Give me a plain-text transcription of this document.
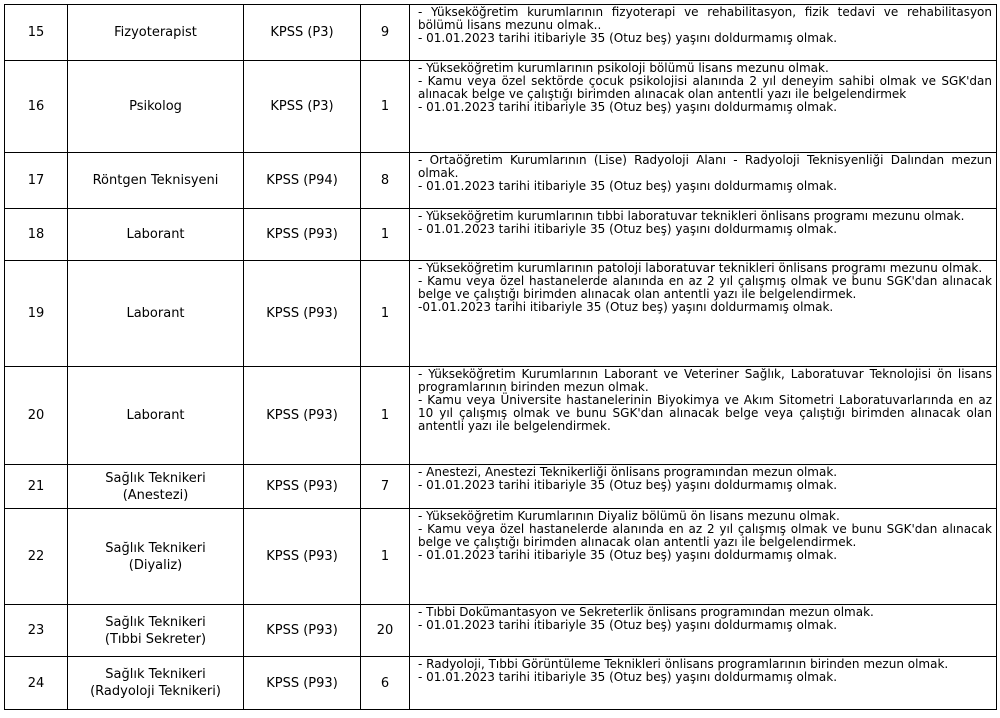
15	Fizyoterapist	KPSS (P3)	9	- Yükseköğretim kurumlarının fizyoterapi ve rehabilitasyon, fizik tedavi ve rehabilitasyon bölümü lisans mezunu olmak..
- 01.01.2023 tarihi itibariyle 35 (Otuz beş) yaşını doldurmamış olmak.

16	Psikolog	KPSS (P3)	1	- Yükseköğretim kurumlarının psikoloji bölümü lisans mezunu olmak.
- Kamu veya özel sektörde çocuk psikolojisi alanında 2 yıl deneyim sahibi olmak ve SGK'dan alınacak belge ve çalıştığı birimden alınacak olan antentli yazı ile belgelendirmek
- 01.01.2023 tarihi itibariyle 35 (Otuz beş) yaşını doldurmamış olmak.

17	Röntgen Teknisyeni	KPSS (P94)	8	- Ortaöğretim Kurumlarının (Lise) Radyoloji Alanı - Radyoloji Teknisyenliği Dalından mezun olmak.
- 01.01.2023 tarihi itibariyle 35 (Otuz beş) yaşını doldurmamış olmak.

18	Laborant	KPSS (P93)	1	- Yükseköğretim kurumlarının tıbbi laboratuvar teknikleri önlisans programı mezunu olmak.
- 01.01.2023 tarihi itibariyle 35 (Otuz beş) yaşını doldurmamış olmak.

19	Laborant	KPSS (P93)	1	- Yükseköğretim kurumlarının patoloji laboratuvar teknikleri önlisans programı mezunu olmak.
- Kamu veya özel hastanelerde alanında en az 2 yıl çalışmış olmak ve bunu SGK'dan alınacak belge ve çalıştığı birimden alınacak olan antentli yazı ile belgelendirmek.
-01.01.2023 tarihi itibariyle 35 (Otuz beş) yaşını doldurmamış olmak.

20	Laborant	KPSS (P93)	1	- Yükseköğretim Kurumlarının Laborant ve Veteriner Sağlık, Laboratuvar Teknolojisi ön lisans programlarının birinden mezun olmak.
- Kamu veya Üniversite hastanelerinin Biyokimya ve Akım Sitometri Laboratuvarlarında en az 10 yıl çalışmış olmak ve bunu SGK'dan alınacak belge veya çalıştığı birimden alınacak olan antentli yazı ile belgelendirmek.

21	Sağlık Teknikeri
(Anestezi)	KPSS (P93)	7	- Anestezi, Anestezi Teknikerliği önlisans programından mezun olmak.
- 01.01.2023 tarihi itibariyle 35 (Otuz beş) yaşını doldurmamış olmak.

22	Sağlık Teknikeri
(Diyaliz)	KPSS (P93)	1	- Yükseköğretim Kurumlarının Diyaliz bölümü ön lisans mezunu olmak.
- Kamu veya özel hastanelerde alanında en az 2 yıl çalışmış olmak ve bunu SGK'dan alınacak belge ve çalıştığı birimden alınacak olan antentli yazı ile belgelendirmek.
- 01.01.2023 tarihi itibariyle 35 (Otuz beş) yaşını doldurmamış olmak.

23	Sağlık Teknikeri
(Tıbbi Sekreter)	KPSS (P93)	20	- Tıbbi Dokümantasyon ve Sekreterlik önlisans programından mezun olmak.
- 01.01.2023 tarihi itibariyle 35 (Otuz beş) yaşını doldurmamış olmak.

24	Sağlık Teknikeri
(Radyoloji Teknikeri)	KPSS (P93)	6	- Radyoloji, Tıbbi Görüntüleme Teknikleri önlisans programlarının birinden mezun olmak.
- 01.01.2023 tarihi itibariyle 35 (Otuz beş) yaşını doldurmamış olmak.
